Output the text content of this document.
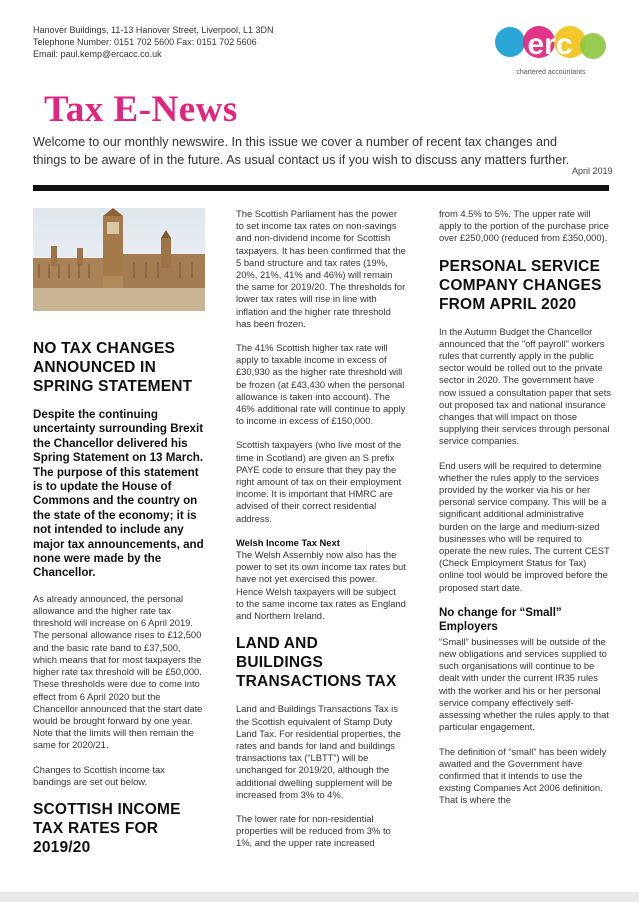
Hanover Buildings, 11-13 Hanover Street, Liverpool, L1 3DN
Telephone Number: 0151 702 5600 Fax: 0151 702 5606
Email: paul.kemp@ercacc.co.uk	erc
chartered accountants
Tax E-News
Welcome to our monthly newswire. In this issue we cover a number of recent tax changes and things to be aware of in the future. As usual contact us if you wish to discuss any matters further.
April 2019
NO TAX CHANGES ANNOUNCED IN SPRING STATEMENT

Despite the continuing uncertainty surrounding Brexit the Chancellor delivered his Spring Statement on 13 March. The purpose of this statement is to update the House of Commons and the country on the state of the economy; it is not intended to include any major tax announcements, and none were made by the Chancellor.

As already announced, the personal allowance and the higher rate tax threshold will increase on 6 April 2019. The personal allowance rises to £12,500 and the basic rate band to £37,500, which means that for most taxpayers the higher rate tax threshold will be £50,000. These thresholds were due to come into effect from 6 April 2020 but the Chancellor announced that the start date would be brought forward by one year. Note that the limits will then remain the same for 2020/21.

Changes to Scottish income tax bandings are set out below.

SCOTTISH INCOME TAX RATES FOR 2019/20

The Scottish Parliament has the power to set income tax rates on non-savings and non-dividend income for Scottish taxpayers. It has been confirmed that the 5 band structure and tax rates (19%, 20%, 21%, 41% and 46%) will remain the same for 2019/20. The thresholds for lower tax rates will rise in line with inflation and the higher rate threshold has been frozen.

The 41% Scottish higher tax rate will apply to taxable income in excess of £30,930 as the higher rate threshold will be frozen (at £43,430 when the personal allowance is taken into account). The 46% additional rate will continue to apply to income in excess of £150,000.

Scottish taxpayers (who live most of the time in Scotland) are given an S prefix PAYE code to ensure that they pay the right amount of tax on their employment income. It is important that HMRC are advised of their correct residential address.

Welsh Income Tax Next

The Welsh Assembly now also has the power to set its own income tax rates but have not yet exercised this power. Hence Welsh taxpayers will be subject to the same income tax rates as England and Northern Ireland.

LAND AND BUILDINGS TRANSACTIONS TAX

Land and Buildings Transactions Tax is the Scottish equivalent of Stamp Duty Land Tax. For residential properties, the rates and bands for land and buildings transactions tax (“LBTT”) will be unchanged for 2019/20, although the additional dwelling supplement will be increased from 3% to 4%.

The lower rate for non-residential properties will be reduced from 3% to 1%, and the upper rate increased

from 4.5% to 5%. The upper rate will apply to the portion of the purchase price over £250,000 (reduced from £350,000).

PERSONAL SERVICE COMPANY CHANGES FROM APRIL 2020

In the Autumn Budget the Chancellor announced that the "off payroll" workers rules that currently apply in the public sector would be rolled out to the private sector in 2020. The government have now issued a consultation paper that sets out proposed tax and national insurance changes that will impact on those supplying their services through personal service companies.

End users will be required to determine whether the rules apply to the services provided by the worker via his or her personal service company. This will be a significant additional administrative burden on the large and medium-sized businesses who will be required to operate the new rules. The current CEST (Check Employment Status for Tax) online tool would be improved before the proposed start date.

No change for “Small” Employers

“Small” businesses will be outside of the new obligations and services supplied to such organisations will continue to be dealt with under the current IR35 rules with the worker and his or her personal service company effectively self-assessing whether the rules apply to that particular engagement.

The definition of “small” has been widely awaited and the Government have confirmed that it intends to use the existing Companies Act 2006 definition. That is where the
